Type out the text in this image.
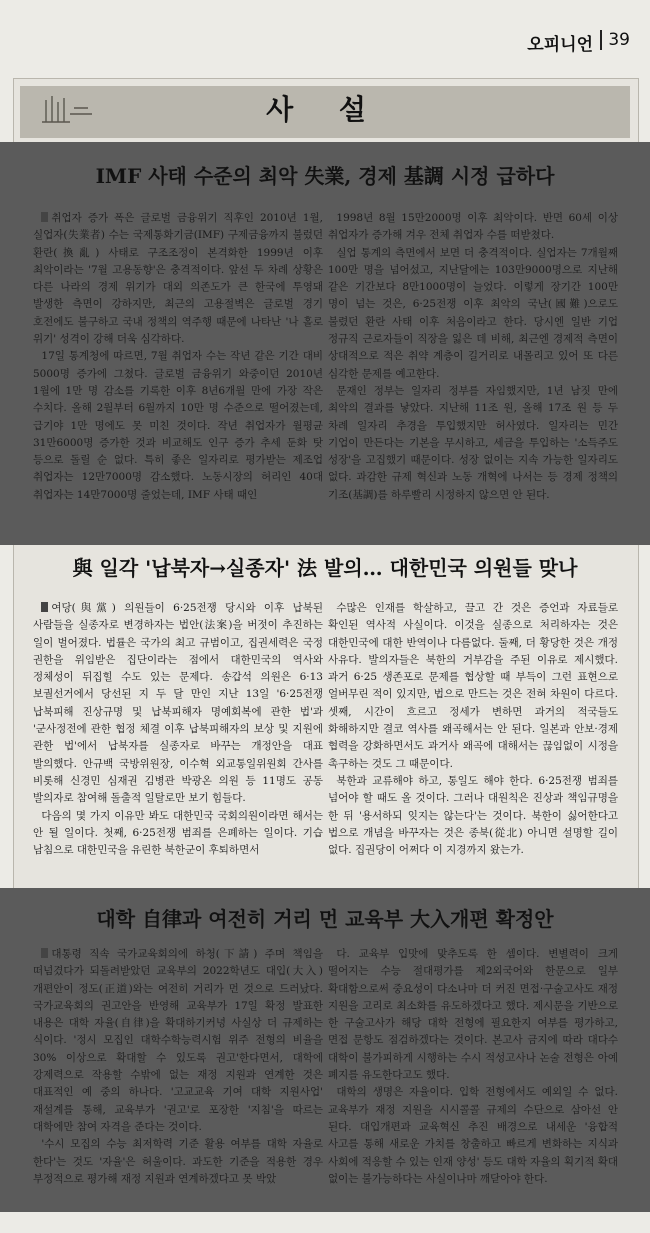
오피니언 39
사 설
IMF 사태 수준의 최악 失業, 경제 基調 시정 급하다

취업자 증가 폭은 글로벌 금융위기 직후인 2010년 1월, 실업자(失業者) 수는 국제통화기금(IMF) 구제금융까지 불렀던 환란(換亂) 사태로 구조조정이 본격화한 1999년 이후 최악이라는 '7월 고용동향'은 충격적이다. 앞선 두 차례 상황은 다른 나라의 경제 위기가 대외 의존도가 큰 한국에 투영돼 발생한 측면이 강하지만, 최근의 고용절벽은 글로벌 경기 호전에도 불구하고 국내 정책의 역주행 때문에 나타난 '나 홀로 위기' 성격이 강해 더욱 심각하다.

17일 통계청에 따르면, 7월 취업자 수는 작년 같은 기간 대비 5000명 증가에 그쳤다. 글로벌 금융위기 와중이던 2010년 1월에 1만 명 감소를 기록한 이후 8년6개월 만에 가장 작은 수치다. 올해 2월부터 6월까지 10만 명 수준으로 떨어졌는데, 급기야 1만 명에도 못 미친 것이다. 작년 취업자가 월평균 31만6000명 증가한 것과 비교해도 인구 증가 추세 둔화 탓 등으로 돌릴 순 없다. 특히 좋은 일자리로 평가받는 제조업 취업자는 12만7000명 감소했다. 노동시장의 허리인 40대 취업자는 14만7000명 줄었는데, IMF 사태 때인

1998년 8월 15만2000명 이후 최악이다. 반면 60세 이상 취업자가 증가해 겨우 전체 취업자 수를 떠받쳤다.

실업 통계의 측면에서 보면 더 충격적이다. 실업자는 7개월째 100만 명을 넘어섰고, 지난달에는 103만9000명으로 지난해 같은 기간보다 8만1000명이 늘었다. 이렇게 장기간 100만 명이 넘는 것은, 6·25전쟁 이후 최악의 국난(國難)으로도 불렸던 환란 사태 이후 처음이라고 한다. 당시엔 일반 기업 정규직 근로자들이 직장을 잃은 데 비해, 최근엔 경제적 측면이 상대적으로 적은 취약 계층이 길거리로 내몰리고 있어 또 다른 심각한 문제를 예고한다.

문재인 정부는 일자리 정부를 자임했지만, 1년 남짓 만에 최악의 결과를 낳았다. 지난해 11조 원, 올해 17조 원 등 두 차례 일자리 추경을 투입했지만 허사였다. 일자리는 민간 기업이 만든다는 기본을 무시하고, 세금을 투입하는 '소득주도 성장'을 고집했기 때문이다. 성장 없이는 지속 가능한 일자리도 없다. 과감한 규제 혁신과 노동 개혁에 나서는 등 경제 정책의 기조(基調)를 하루빨리 시정하지 않으면 안 된다.

與 일각 '납북자→실종자' 法 발의… 대한민국 의원들 맞나

여당(與黨) 의원들이 6·25전쟁 당시와 이후 납북된 사람들을 실종자로 변경하자는 법안(法案)을 버젓이 추진하는 일이 벌어졌다. 법률은 국가의 최고 규범이고, 집권세력은 국정 권한을 위임받은 집단이라는 점에서 대한민국의 역사와 정체성이 뒤집힐 수도 있는 문제다. 송갑석 의원은 6·13 보궐선거에서 당선된 지 두 달 만인 지난 13일 '6·25전쟁 납북피해 진상규명 및 납북피해자 명예회복에 관한 법'과 '군사정전에 관한 협정 체결 이후 납북피해자의 보상 및 지원에 관한 법'에서 납북자를 실종자로 바꾸는 개정안을 대표 발의했다. 안규백 국방위원장, 이수혁 외교통일위원회 간사를 비롯해 신경민 심재권 김병관 박광온 의원 등 11명도 공동 발의자로 참여해 돌출적 일탈로만 보기 힘들다.

다음의 몇 가지 이유만 봐도 대한민국 국회의원이라면 해서는 안 될 일이다. 첫째, 6·25전쟁 범죄를 은폐하는 일이다. 기습 남침으로 대한민국을 유린한 북한군이 후퇴하면서

수많은 인재를 학살하고, 끌고 간 것은 증언과 자료들로 확인된 역사적 사실이다. 이것을 실종으로 처리하자는 것은 대한민국에 대한 반역이나 다름없다. 둘째, 더 황당한 것은 개정 사유다. 발의자들은 북한의 거부감을 주된 이유로 제시했다. 과거 6·25 생존포로 문제를 협상할 때 부득이 그런 표현으로 얼버무린 적이 있지만, 법으로 만드는 것은 전혀 차원이 다르다. 셋째, 시간이 흐르고 정세가 변하면 과거의 적국들도 화해하지만 결코 역사를 왜곡해서는 안 된다. 일본과 안보·경제 협력을 강화하면서도 과거사 왜곡에 대해서는 끊임없이 시정을 촉구하는 것도 그 때문이다.

북한과 교류해야 하고, 통일도 해야 한다. 6·25전쟁 범죄를 넘어야 할 때도 올 것이다. 그러나 대원칙은 진상과 책임규명을 한 뒤 '용서하되 잊지는 않는다'는 것이다. 북한이 싫어한다고 법으로 개념을 바꾸자는 것은 종북(從北) 아니면 설명할 길이 없다. 집권당이 어쩌다 이 지경까지 왔는가.

대학 自律과 여전히 거리 먼 교육부 大入개편 확정안

대통령 직속 국가교육회의에 하청(下請) 주며 책임을 떠넘겼다가 되돌려받았던 교육부의 2022학년도 대입(大入) 개편안이 정도(正道)와는 여전히 거리가 먼 것으로 드러났다. 국가교육회의 권고안을 반영해 교육부가 17일 확정 발표한 내용은 대학 자율(自律)을 확대하기커녕 사실상 더 규제하는 식이다. '정시 모집인 대학수학능력시험 위주 전형의 비율을 30% 이상으로 확대할 수 있도록 권고'한다면서, 대학에 강제력으로 작용할 수밖에 없는 재정 지원과 연계한 것은 대표적인 예 중의 하나다. '고교교육 기여 대학 지원사업' 재설계를 통해, 교육부가 '권고'로 포장한 '지침'을 따르는 대학에만 참여 자격을 준다는 것이다.

'수시 모집의 수능 최저학력 기준 활용 여부를 대학 자율로 한다'는 것도 '자율'은 허울이다. 과도한 기준을 적용한 경우 부정적으로 평가해 재정 지원과 연계하겠다고 못 박았

다. 교육부 입맛에 맞추도록 한 셈이다. 변별력이 크게 떨어지는 수능 절대평가를 제2외국어와 한문으로 일부 확대함으로써 중요성이 다소나마 더 커진 면접·구술고사도 재정 지원을 고리로 최소화를 유도하겠다고 했다. 제시문을 기반으로 한 구술고사가 해당 대학 전형에 필요한지 여부를 평가하고, 면접 문항도 점검하겠다는 것이다. 본고사 금지에 따라 대다수 대학이 불가피하게 시행하는 수시 적성고사나 논술 전형은 아예 폐지를 유도한다고도 했다.

대학의 생명은 자율이다. 입학 전형에서도 예외일 수 없다. 교육부가 재정 지원을 시시콜콜 규제의 수단으로 삼아선 안 된다. 대입개편과 교육혁신 추진 배경으로 내세운 '융합적 사고를 통해 새로운 가치를 창출하고 빠르게 변화하는 지식과 사회에 적응할 수 있는 인재 양성' 등도 대학 자율의 획기적 확대 없이는 불가능하다는 사실이나마 깨닫아야 한다.
